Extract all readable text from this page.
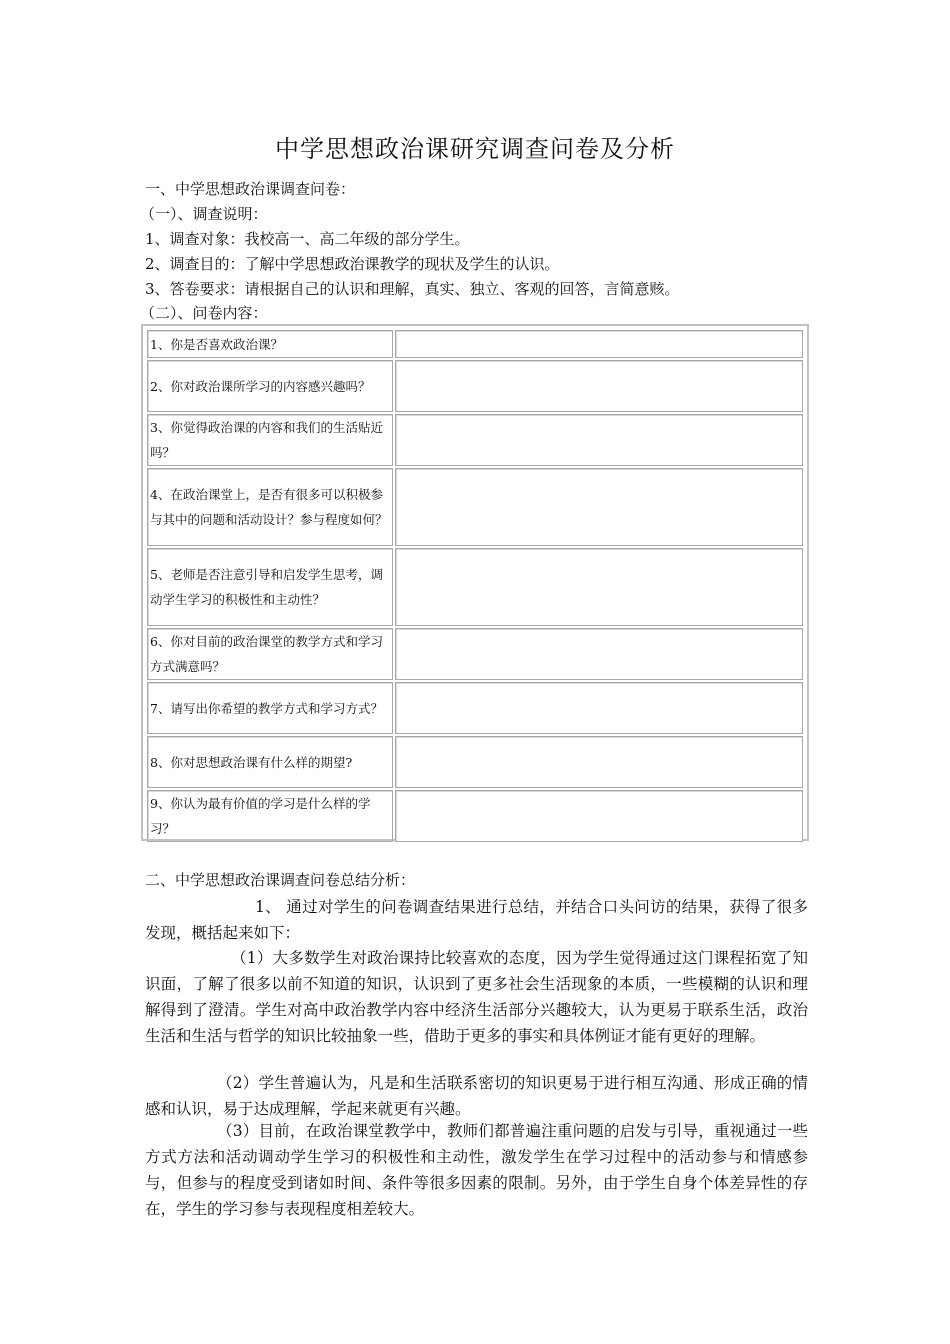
中学思想政治课研究调查问卷及分析
一、中学思想政治课调查问卷：
（一）、调查说明：
1、调查对象：我校高一、高二年级的部分学生。
2、调查目的：了解中学思想政治课教学的现状及学生的认识。
3、答卷要求：请根据自己的认识和理解，真实、独立、客观的回答，言简意赅。
（二）、问卷内容：
1、你是否喜欢政治课？	
2、你对政治课所学习的内容感兴趣吗？	
3、你觉得政治课的内容和我们的生活贴近吗？	
4、在政治课堂上，是否有很多可以积极参与其中的问题和活动设计？参与程度如何？	
5、老师是否注意引导和启发学生思考，调动学生学习的积极性和主动性？	
6、你对目前的政治课堂的教学方式和学习方式满意吗？	
7、请写出你希望的教学方式和学习方式？	
8、你对思想政治课有什么样的期望?	
9、你认为最有价值的学习是什么样的学习？	
二、中学思想政治课调查问卷总结分析：
1、 通过对学生的问卷调查结果进行总结，并结合口头问访的结果，获得了很多发现，概括起来如下：
（1）大多数学生对政治课持比较喜欢的态度，因为学生觉得通过这门课程拓宽了知识面，了解了很多以前不知道的知识，认识到了更多社会生活现象的本质，一些模糊的认识和理解得到了澄清。学生对高中政治教学内容中经济生活部分兴趣较大，认为更易于联系生活，政治生活和生活与哲学的知识比较抽象一些，借助于更多的事实和具体例证才能有更好的理解。
（2）学生普遍认为，凡是和生活联系密切的知识更易于进行相互沟通、形成正确的情感和认识，易于达成理解，学起来就更有兴趣。
（3）目前，在政治课堂教学中，教师们都普遍注重问题的启发与引导，重视通过一些方式方法和活动调动学生学习的积极性和主动性，激发学生在学习过程中的活动参与和情感参与，但参与的程度受到诸如时间、条件等很多因素的限制。另外，由于学生自身个体差异性的存在，学生的学习参与表现程度相差较大。
